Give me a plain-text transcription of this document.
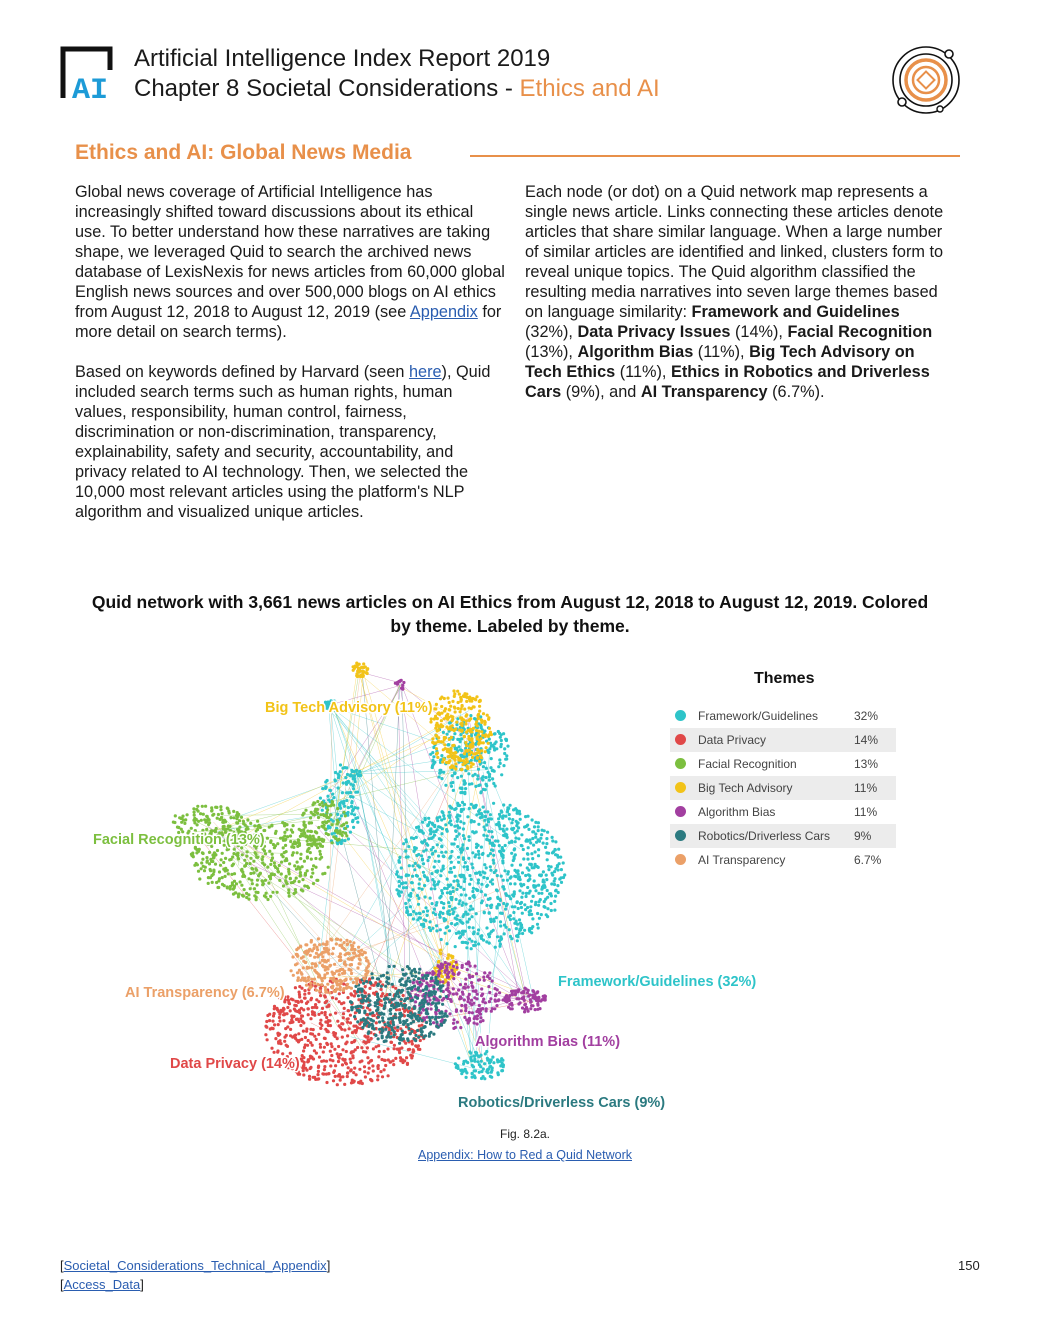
AI
Artificial Intelligence Index Report 2019
Chapter 8 Societal Considerations - Ethics and AI
Ethics and AI: Global News Media

Global news coverage of Artificial Intelligence has increasingly shifted toward discussions about its ethical use. To better understand how these narratives are taking shape, we leveraged Quid to search the archived news database of LexisNexis for news articles from 60,000 global English news sources and over 500,000 blogs on AI ethics from August 12, 2018 to August 12, 2019 (see Appendix for more detail on search terms).

Based on keywords defined by Harvard (seen here), Quid included search terms such as human rights, human values, responsibility, human control, fairness, discrimination or non-discrimination, transparency, explainability, safety and security, accountability, and privacy related to AI technology. Then, we selected the 10,000 most relevant articles using the platform's NLP algorithm and visualized unique articles.

Each node (or dot) on a Quid network map represents a single news article. Links connecting these articles denote articles that share similar language. When a large number of similar articles are identified and linked, clusters form to reveal unique topics. The Quid algorithm classified the resulting media narratives into seven large themes based on language similarity: Framework and Guidelines (32%), Data Privacy Issues (14%), Facial Recognition (13%), Algorithm Bias (11%), Big Tech Advisory on Tech Ethics (11%), Ethics in Robotics and Driverless Cars (9%), and AI Transparency (6.7%).

Quid network with 3,661 news articles on AI Ethics from August 12, 2018 to August 12, 2019. Colored by theme. Labeled by theme.
Big Tech Advisory (11%)
Facial Recognition (13%)
AI Transparency (6.7%)
Framework/Guidelines (32%)
Algorithm Bias (11%)
Data Privacy (14%)
Robotics/Driverless Cars (9%)
Themes
Framework/Guidelines	32%
Data Privacy	14%
Facial Recognition	13%
Big Tech Advisory	11%
Algorithm Bias	11%
Robotics/Driverless Cars 9%
AI Transparency	6.7%
Fig. 8.2a.
Appendix: How to Red a Quid Network
[Societal_Considerations_Technical_Appendix]
[Access_Data]
150
